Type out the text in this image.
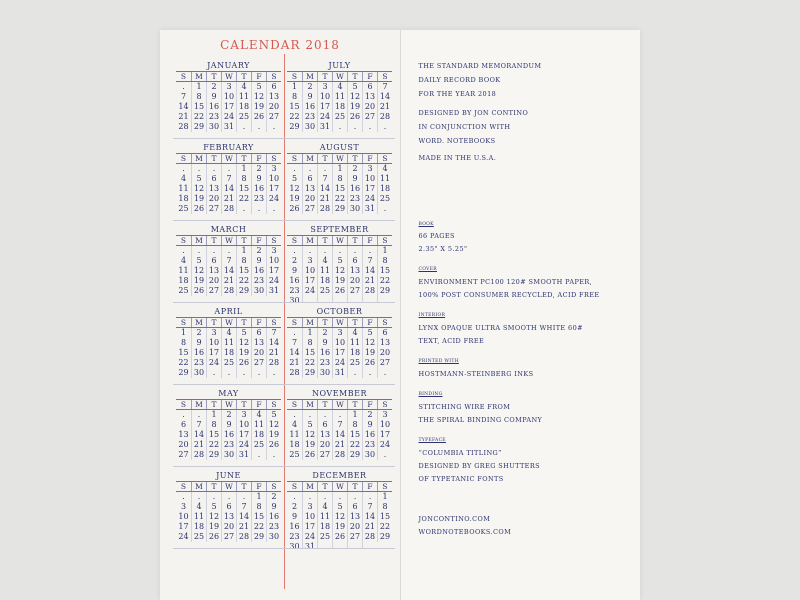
CALENDAR 2018
JANUARY
S	M	T	W	T	F	S
.	1	2	3	4	5	6
7	8	9 10 11 12 13
14 15 16 17 18 19 20
21 22 23 24 25 26 27
28 29 30 31	.	.	.
JULY
S	M	T	W	T	F	S
1	2	3	4	5	6	7
8	9 10 11 12 13 14
15 16 17 18 19 20 21
22 23 24 25 26 27 28
29 30 31	.	.	.	.
FEBRUARY
S	M	T	W	T	F	S
.	.	.	.	1	2	3
4	5	6	7	8	9 10
11 12 13 14 15 16 17
18 19 20 21 22 23 24
25 26 27 28	.	.	.
AUGUST
S	M	T	W	T	F	S
.	.	.	1	2	3	4
5	6	7	8	9 10 11
12 13 14 15 16 17 18
19 20 21 22 23 24 25
26 27 28 29 30 31	.
MARCH
S	M	T	W	T	F	S
.	.	.	.	1	2	3
4	5	6	7	8	9 10
11 12 13 14 15 16 17
18 19 20 21 22 23 24
25 26 27 28 29 30 31
SEPTEMBER
S	M	T	W	T	F	S
.	.	.	.	.	.	1
2	3	4	5	6	7	8
9 10 11 12 13 14 15
16 17 18 19 20 21 22
23 24 25 26 27 28 29
30	.	.	.	.	.	.
APRIL
S	M	T	W	T	F	S
1	2	3	4	5	6	7
8	9 10 11 12 13 14
15 16 17 18 19 20 21
22 23 24 25 26 27 28
29 30	.	.	.	.	.
OCTOBER
S	M	T	W	T	F	S
.	1	2	3	4	5	6
7	8	9 10 11 12 13
14 15 16 17 18 19 20
21 22 23 24 25 26 27
28 29 30 31	.	.	.
MAY
S	M	T	W	T	F	S
.	.	1	2	3	4	5
6	7	8	9 10 11 12
13 14 15 16 17 18 19
20 21 22 23 24 25 26
27 28 29 30 31	.	.
NOVEMBER
S	M	T	W	T	F	S
.	.	.	.	1	2	3
4	5	6	7	8	9 10
11 12 13 14 15 16 17
18 19 20 21 22 23 24
25 26 27 28 29 30	.
JUNE
S	M	T	W	T	F	S
.	.	.	.	.	1	2
3	4	5	6	7	8	9
10 11 12 13 14 15 16
17 18 19 20 21 22 23
24 25 26 27 28 29 30
DECEMBER
S	M	T	W	T	F	S
.	.	.	.	.	.	1
2	3	4	5	6	7	8
9 10 11 12 13 14 15
16 17 18 19 20 21 22
23 24 25 26 27 28 29
30 31	.	.	.	.
THE STANDARD MEMORANDUM
DAILY RECORD BOOK
FOR THE YEAR 2018
DESIGNED BY JON CONTINO
IN CONJUNCTION WITH
WORD. NOTEBOOKS
MADE IN THE U.S.A.
BOOK
66 PAGES
2.35" X 5.25"
COVER
ENVIRONMENT PC100 120# SMOOTH PAPER,
100% POST CONSUMER RECYCLED, ACID FREE
INTERIOR
LYNX OPAQUE ULTRA SMOOTH WHITE 60#
TEXT, ACID FREE
PRINTED WITH
HOSTMANN-STEINBERG INKS
BINDING
STITCHING WIRE FROM
THE SPIRAL BINDING COMPANY
TYPEFACE
“COLUMBIA TITLING”
DESIGNED BY GREG SHUTTERS
OF TYPETANIC FONTS
JONCONTINO.COM
WORDNOTEBOOKS.COM
